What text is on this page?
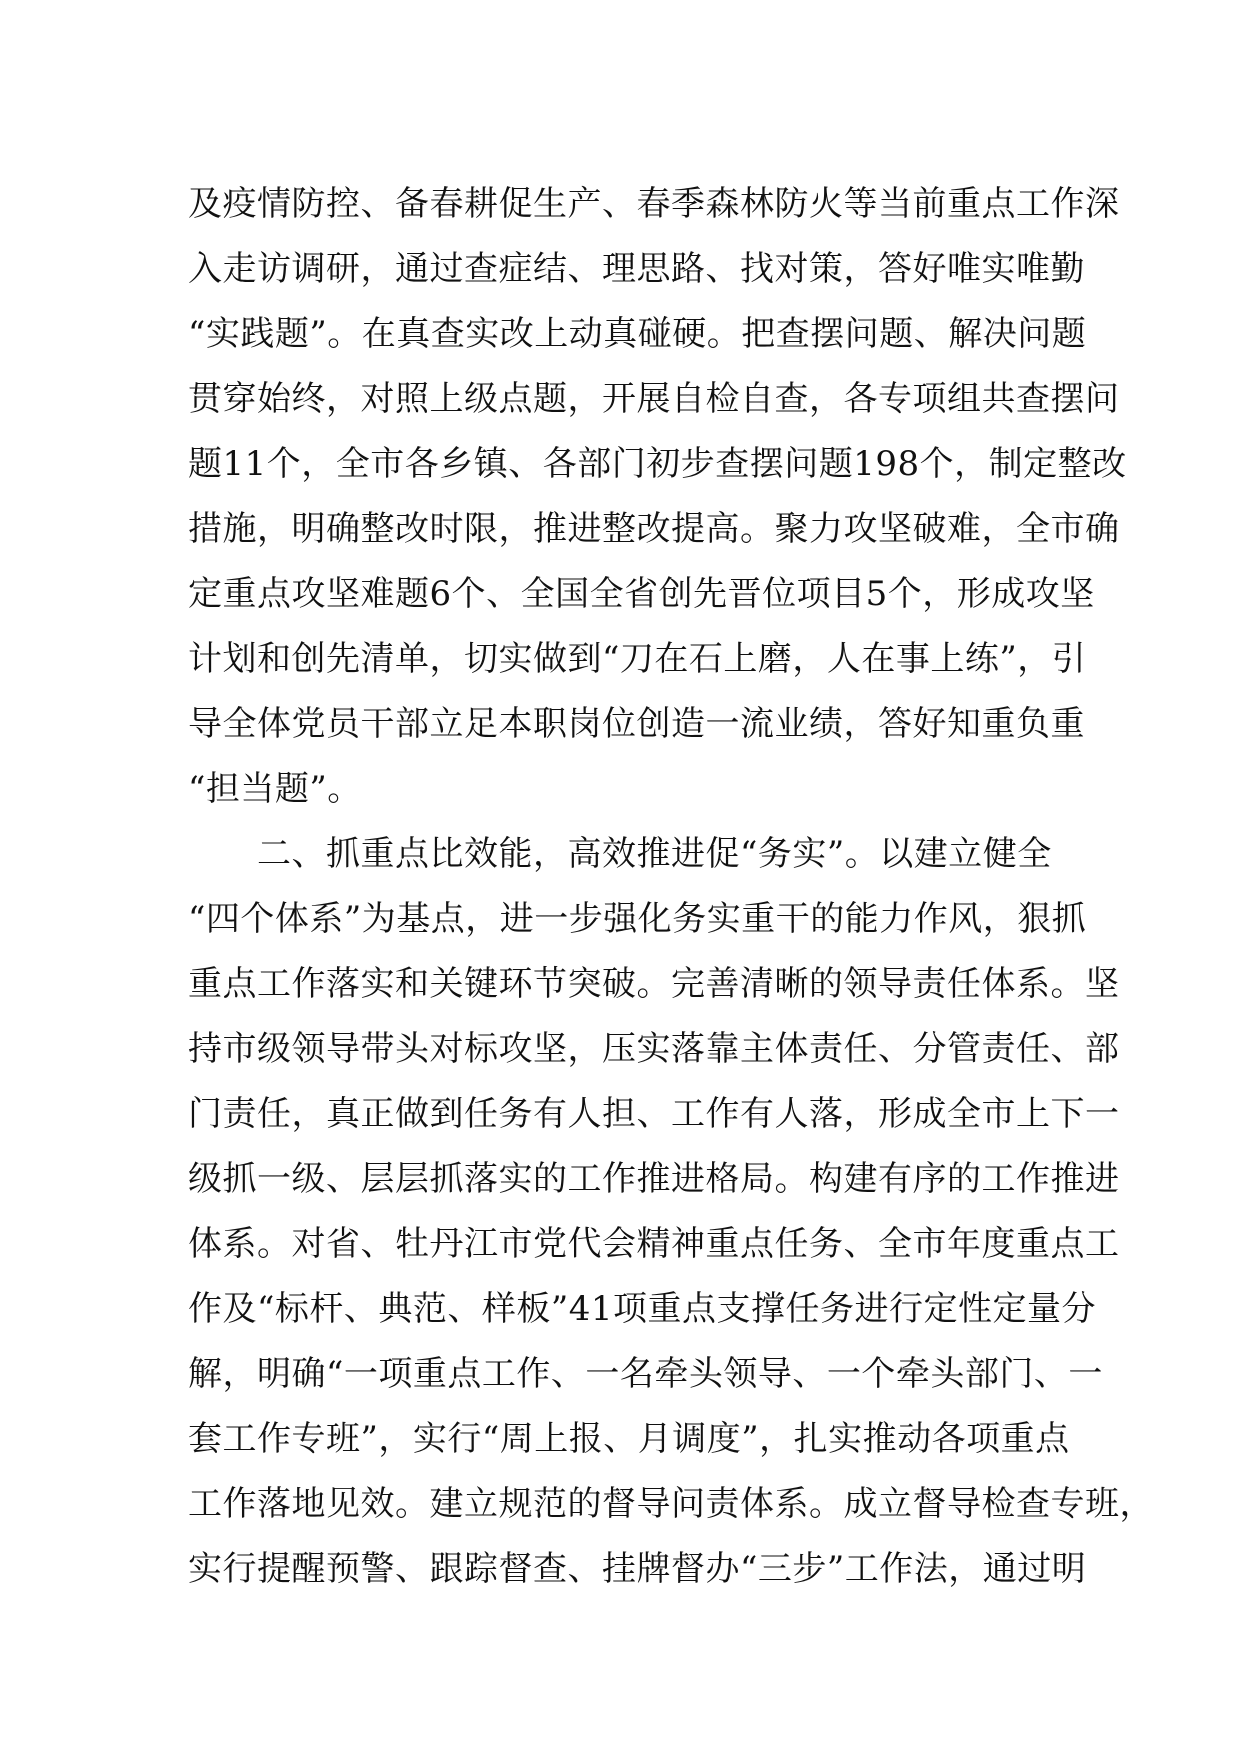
及疫情防控、备春耕促生产、春季森林防火等当前重点工作深
入走访调研，通过查症结、理思路、找对策，答好唯实唯勤
“实践题”。在真查实改上动真碰硬。把查摆问题、解决问题
贯穿始终，对照上级点题，开展自检自查，各专项组共查摆问
题11个，全市各乡镇、各部门初步查摆问题198个，制定整改
措施，明确整改时限，推进整改提高。聚力攻坚破难，全市确
定重点攻坚难题6个、全国全省创先晋位项目5个，形成攻坚
计划和创先清单，切实做到“刀在石上磨，人在事上练”，引
导全体党员干部立足本职岗位创造一流业绩，答好知重负重
“担当题”。
　　二、抓重点比效能，高效推进促“务实”。以建立健全
“四个体系”为基点，进一步强化务实重干的能力作风，狠抓
重点工作落实和关键环节突破。完善清晰的领导责任体系。坚
持市级领导带头对标攻坚，压实落靠主体责任、分管责任、部
门责任，真正做到任务有人担、工作有人落，形成全市上下一
级抓一级、层层抓落实的工作推进格局。构建有序的工作推进
体系。对省、牡丹江市党代会精神重点任务、全市年度重点工
作及“标杆、典范、样板”41项重点支撑任务进行定性定量分
解，明确“一项重点工作、一名牵头领导、一个牵头部门、一
套工作专班”，实行“周上报、月调度”，扎实推动各项重点
工作落地见效。建立规范的督导问责体系。成立督导检查专班，
实行提醒预警、跟踪督查、挂牌督办“三步”工作法，通过明
